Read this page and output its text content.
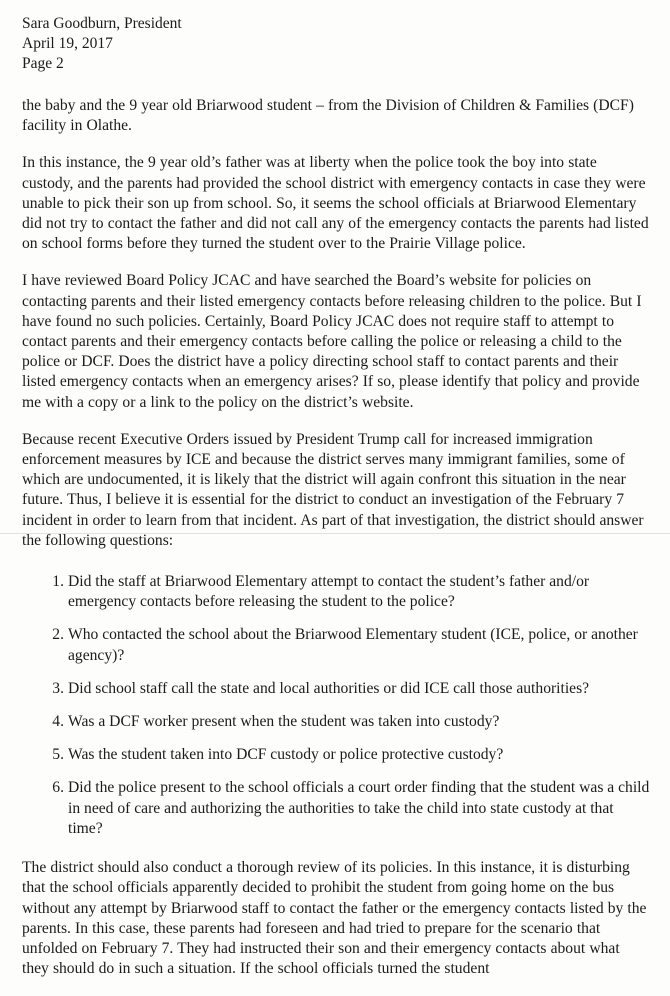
Sara Goodburn, President
April 19, 2017
Page 2

the baby and the 9 year old Briarwood student – from the Division of Children & Families (DCF) facility in Olathe.

In this instance, the 9 year old’s father was at liberty when the police took the boy into state custody, and the parents had provided the school district with emergency contacts in case they were unable to pick their son up from school. So, it seems the school officials at Briarwood Elementary did not try to contact the father and did not call any of the emergency contacts the parents had listed on school forms before they turned the student over to the Prairie Village police.

I have reviewed Board Policy JCAC and have searched the Board’s website for policies on contacting parents and their listed emergency contacts before releasing children to the police. But I have found no such policies. Certainly, Board Policy JCAC does not require staff to attempt to contact parents and their emergency contacts before calling the police or releasing a child to the police or DCF. Does the district have a policy directing school staff to contact parents and their listed emergency contacts when an emergency arises? If so, please identify that policy and provide me with a copy or a link to the policy on the district’s website.

Because recent Executive Orders issued by President Trump call for increased immigration enforcement measures by ICE and because the district serves many immigrant families, some of which are undocumented, it is likely that the district will again confront this situation in the near future. Thus, I believe it is essential for the district to conduct an investigation of the February 7 incident in order to learn from that incident. As part of that investigation, the district should answer the following questions:

1. Did the staff at Briarwood Elementary attempt to contact the student’s father and/or emergency contacts before releasing the student to the police?
2. Who contacted the school about the Briarwood Elementary student (ICE, police, or another agency)?
3. Did school staff call the state and local authorities or did ICE call those authorities?
4. Was a DCF worker present when the student was taken into custody?
5. Was the student taken into DCF custody or police protective custody?
6. Did the police present to the school officials a court order finding that the student was a child in need of care and authorizing the authorities to take the child into state custody at that time?

The district should also conduct a thorough review of its policies. In this instance, it is disturbing that the school officials apparently decided to prohibit the student from going home on the bus without any attempt by Briarwood staff to contact the father or the emergency contacts listed by the parents. In this case, these parents had foreseen and had tried to prepare for the scenario that unfolded on February 7. They had instructed their son and their emergency contacts about what they should do in such a situation. If the school officials turned the student
